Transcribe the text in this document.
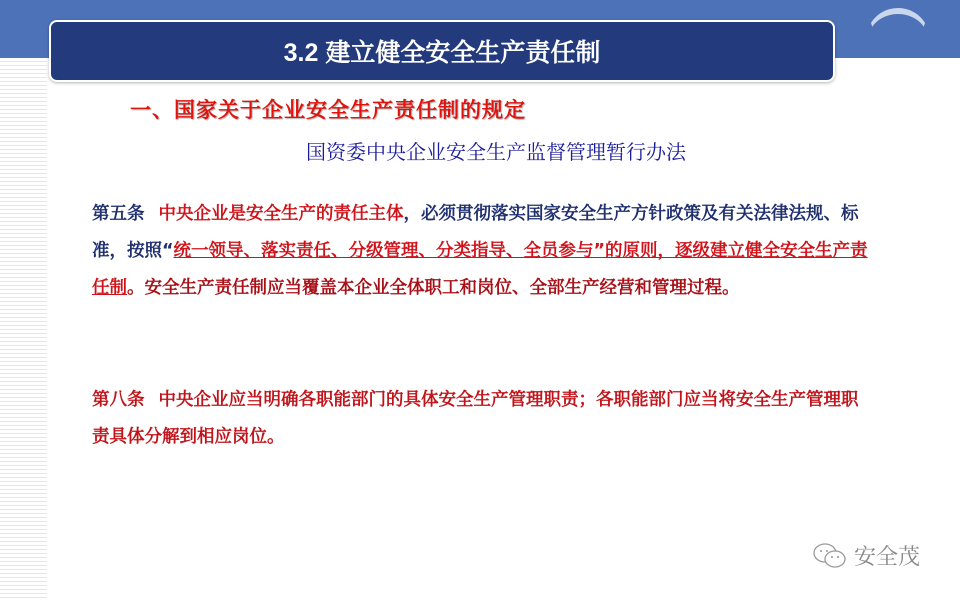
3.2 建立健全安全生产责任制
一、国家关于企业安全生产责任制的规定
国资委中央企业安全生产监督管理暂行办法
第五条 中央企业是安全生产的责任主体，必须贯彻落实国家安全生产方针政策及有关法律法规、标准，按照“统一领导、落实责任、分级管理、分类指导、全员参与”的原则，逐级建立健全安全生产责任制。安全生产责任制应当覆盖本企业全体职工和岗位、全部生产经营和管理过程。
第八条 中央企业应当明确各职能部门的具体安全生产管理职责；各职能部门应当将安全生产管理职责具体分解到相应岗位。
安全茂
